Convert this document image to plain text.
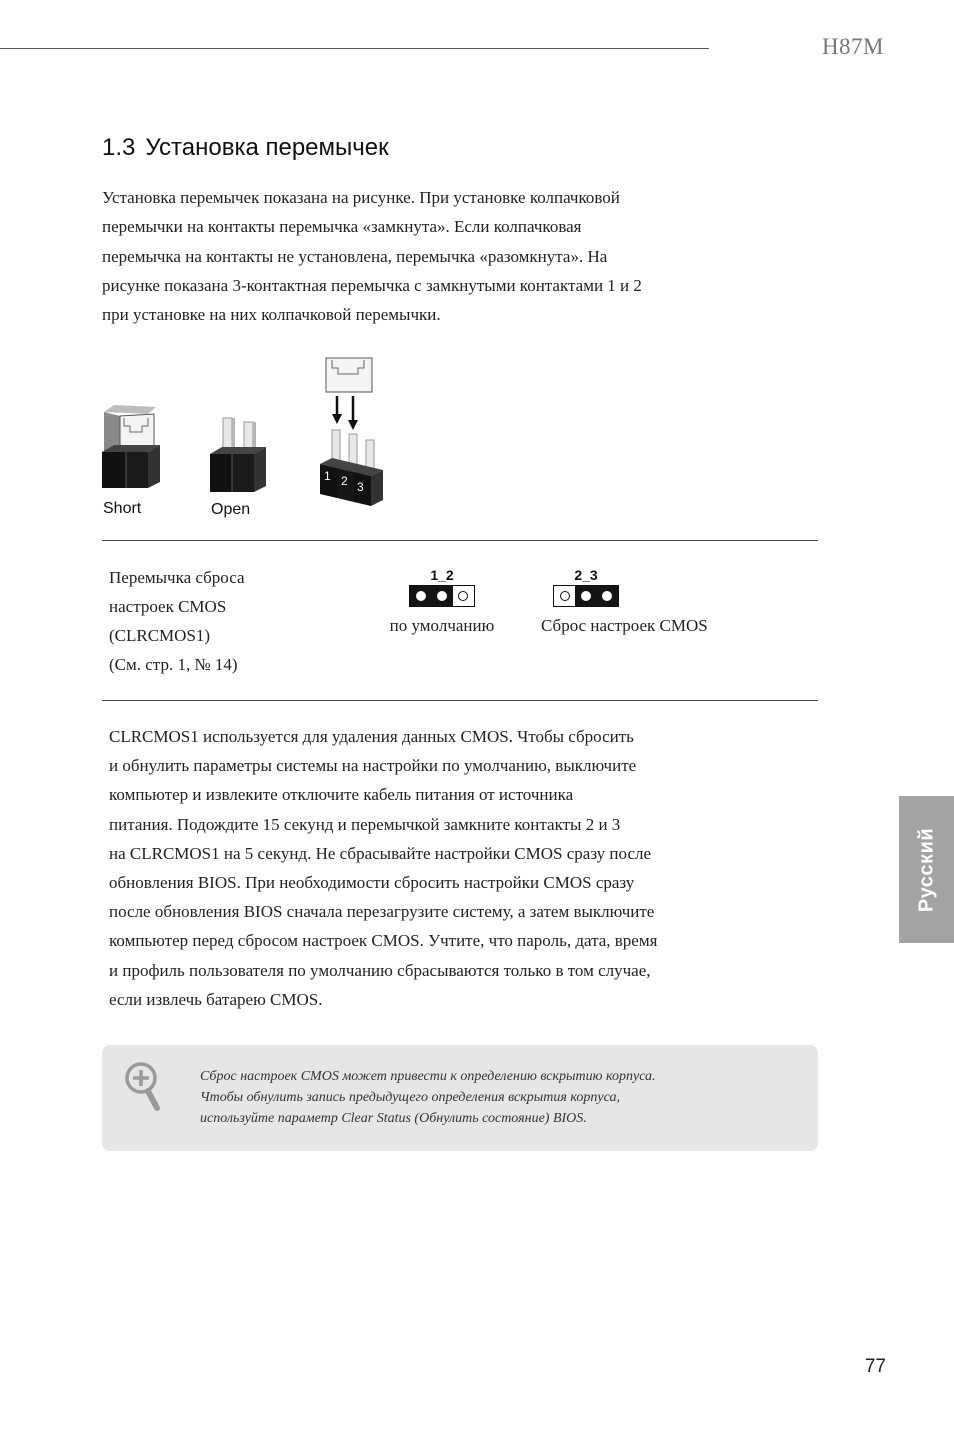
H87M
1.3 Установка перемычек

Установка перемычек показана на рисунке. При установке колпачковой
перемычки на контакты перемычка «замкнута». Если колпачковая
перемычка на контакты не установлена, перемычка «разомкнута». На
рисунке показана 3-контактная перемычка с замкнутыми контактами 1 и 2
при установке на них колпачковой перемычки.

1 2 3
Short	Open
Перемычка сброса
настроек CMOS
(CLRCMOS1)
(См. стр. 1, № 14)
1_2
по умолчанию
2_3
Сброс настроек CMOS

CLRCMOS1 используется для удаления данных CMOS. Чтобы сбросить
и обнулить параметры системы на настройки по умолчанию, выключите
компьютер и извлеките отключите кабель питания от источника
питания. Подождите 15 секунд и перемычкой замкните контакты 2 и 3
на CLRCMOS1 на 5 секунд. Не сбрасывайте настройки CMOS сразу после
обновления BIOS. При необходимости сбросить настройки CMOS сразу
после обновления BIOS сначала перезагрузите систему, а затем выключите
компьютер перед сбросом настроек CMOS. Учтите, что пароль, дата, время
и профиль пользователя по умолчанию сбрасываются только в том случае,
если извлечь батарею CMOS.

Сброс настроек CMOS может привести к определению вскрытию корпуса.
Чтобы обнулить запись предыдущего определения вскрытия корпуса,
используйте параметр Clear Status (Обнулить состояние) BIOS.
Русский
77
